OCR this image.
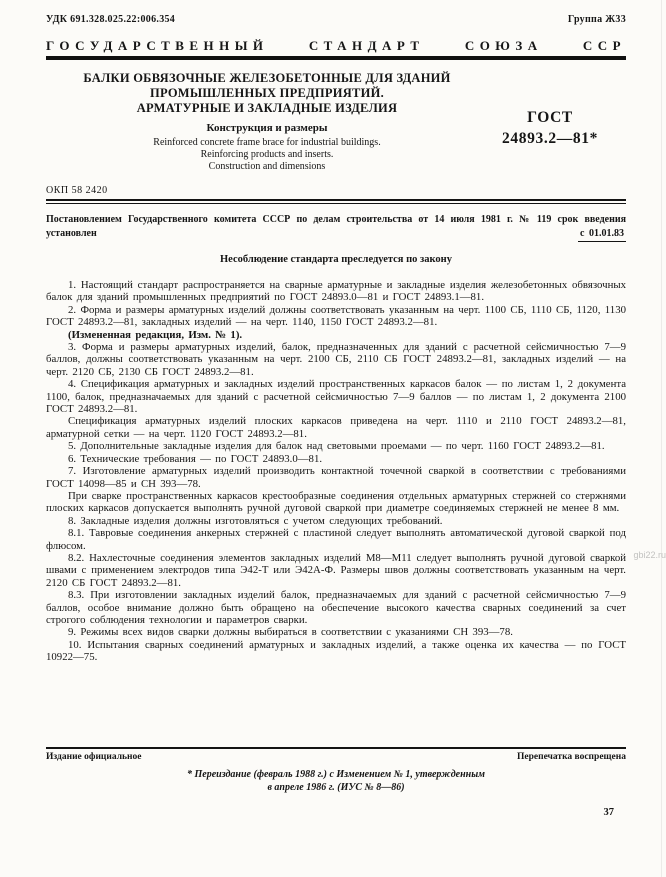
УДК 691.328.025.22:006.354	Группа Ж33
ГОСУДАРСТВЕННЫЙ	СТАНДАРТ	СОЮЗА	ССР
БАЛКИ ОБВЯЗОЧНЫЕ ЖЕЛЕЗОБЕТОННЫЕ ДЛЯ ЗДАНИЙ
ПРОМЫШЛЕННЫХ ПРЕДПРИЯТИЙ.
АРМАТУРНЫЕ И ЗАКЛАДНЫЕ ИЗДЕЛИЯ
Конструкция и размеры
Reinforced concrete frame brace for industrial buildings.
Reinforcing products and inserts.
Construction and dimensions
ГОСТ
24893.2—81*
ОКП 58 2420
Постановлением Государственного комитета СССР по делам строительства от 14 июля 1981 г. № 119 срок введения установлен	с 01.01.83
Несоблюдение стандарта преследуется по закону

1. Настоящий стандарт распространяется на сварные арматурные и закладные изделия железобетонных обвязочных балок для зданий промышленных предприятий по ГОСТ 24893.0—81 и ГОСТ 24893.1—81.

2. Форма и размеры арматурных изделий должны соответствовать указанным на черт. 1100 СБ, 1110 СБ, 1120, 1130 ГОСТ 24893.2—81, закладных изделий — на черт. 1140, 1150 ГОСТ 24893.2—81.

(Измененная редакция, Изм. № 1).

3. Форма и размеры арматурных изделий, балок, предназначенных для зданий с расчетной сейсмичностью 7—9 баллов, должны соответствовать указанным на черт. 2100 СБ, 2110 СБ ГОСТ 24893.2—81, закладных изделий — на черт. 2120 СБ, 2130 СБ ГОСТ 24893.2—81.

4. Спецификация арматурных и закладных изделий пространственных каркасов балок — по листам 1, 2 документа 1100, балок, предназначаемых для зданий с расчетной сейсмичностью 7—9 баллов — по листам 1, 2 документа 2100 ГОСТ 24893.2—81.

Спецификация арматурных изделий плоских каркасов приведена на черт. 1110 и 2110 ГОСТ 24893.2—81, арматурной сетки — на черт. 1120 ГОСТ 24893.2—81.

5. Дополнительные закладные изделия для балок над световыми проемами — по черт. 1160 ГОСТ 24893.2—81.

6. Технические требования — по ГОСТ 24893.0—81.

7. Изготовление арматурных изделий производить контактной точечной сваркой в соответствии с требованиями ГОСТ 14098—85 и СН 393—78.

При сварке пространственных каркасов крестообразные соединения отдельных арматурных стержней со стержнями плоских каркасов допускается выполнять ручной дуговой сваркой при диаметре соединяемых стержней не менее 8 мм.

8. Закладные изделия должны изготовляться с учетом следующих требований.

8.1. Тавровые соединения анкерных стержней с пластиной следует выполнять автоматической дуговой сваркой под флюсом.

8.2. Нахлесточные соединения элементов закладных изделий М8—М11 следует выполнять ручной дуговой сваркой швами с применением электродов типа Э42-Т или Э42А-Ф. Размеры швов должны соответствовать указанным на черт. 2120 СБ ГОСТ 24893.2—81.

8.3. При изготовлении закладных изделий балок, предназначаемых для зданий с расчетной сейсмичностью 7—9 баллов, особое внимание должно быть обращено на обеспечение высокого качества сварных соединений за счет строгого соблюдения технологии и параметров сварки.

9. Режимы всех видов сварки должны выбираться в соответствии с указаниями СН 393—78.

10. Испытания сварных соединений арматурных и закладных изделий, а также оценка их качества — по ГОСТ 10922—75.

Издание официальное	Перепечатка воспрещена
* Переиздание (февраль 1988 г.) с Изменением № 1, утвержденным
в апреле 1986 г. (ИУС № 8—86)
37
gbi22.ru
